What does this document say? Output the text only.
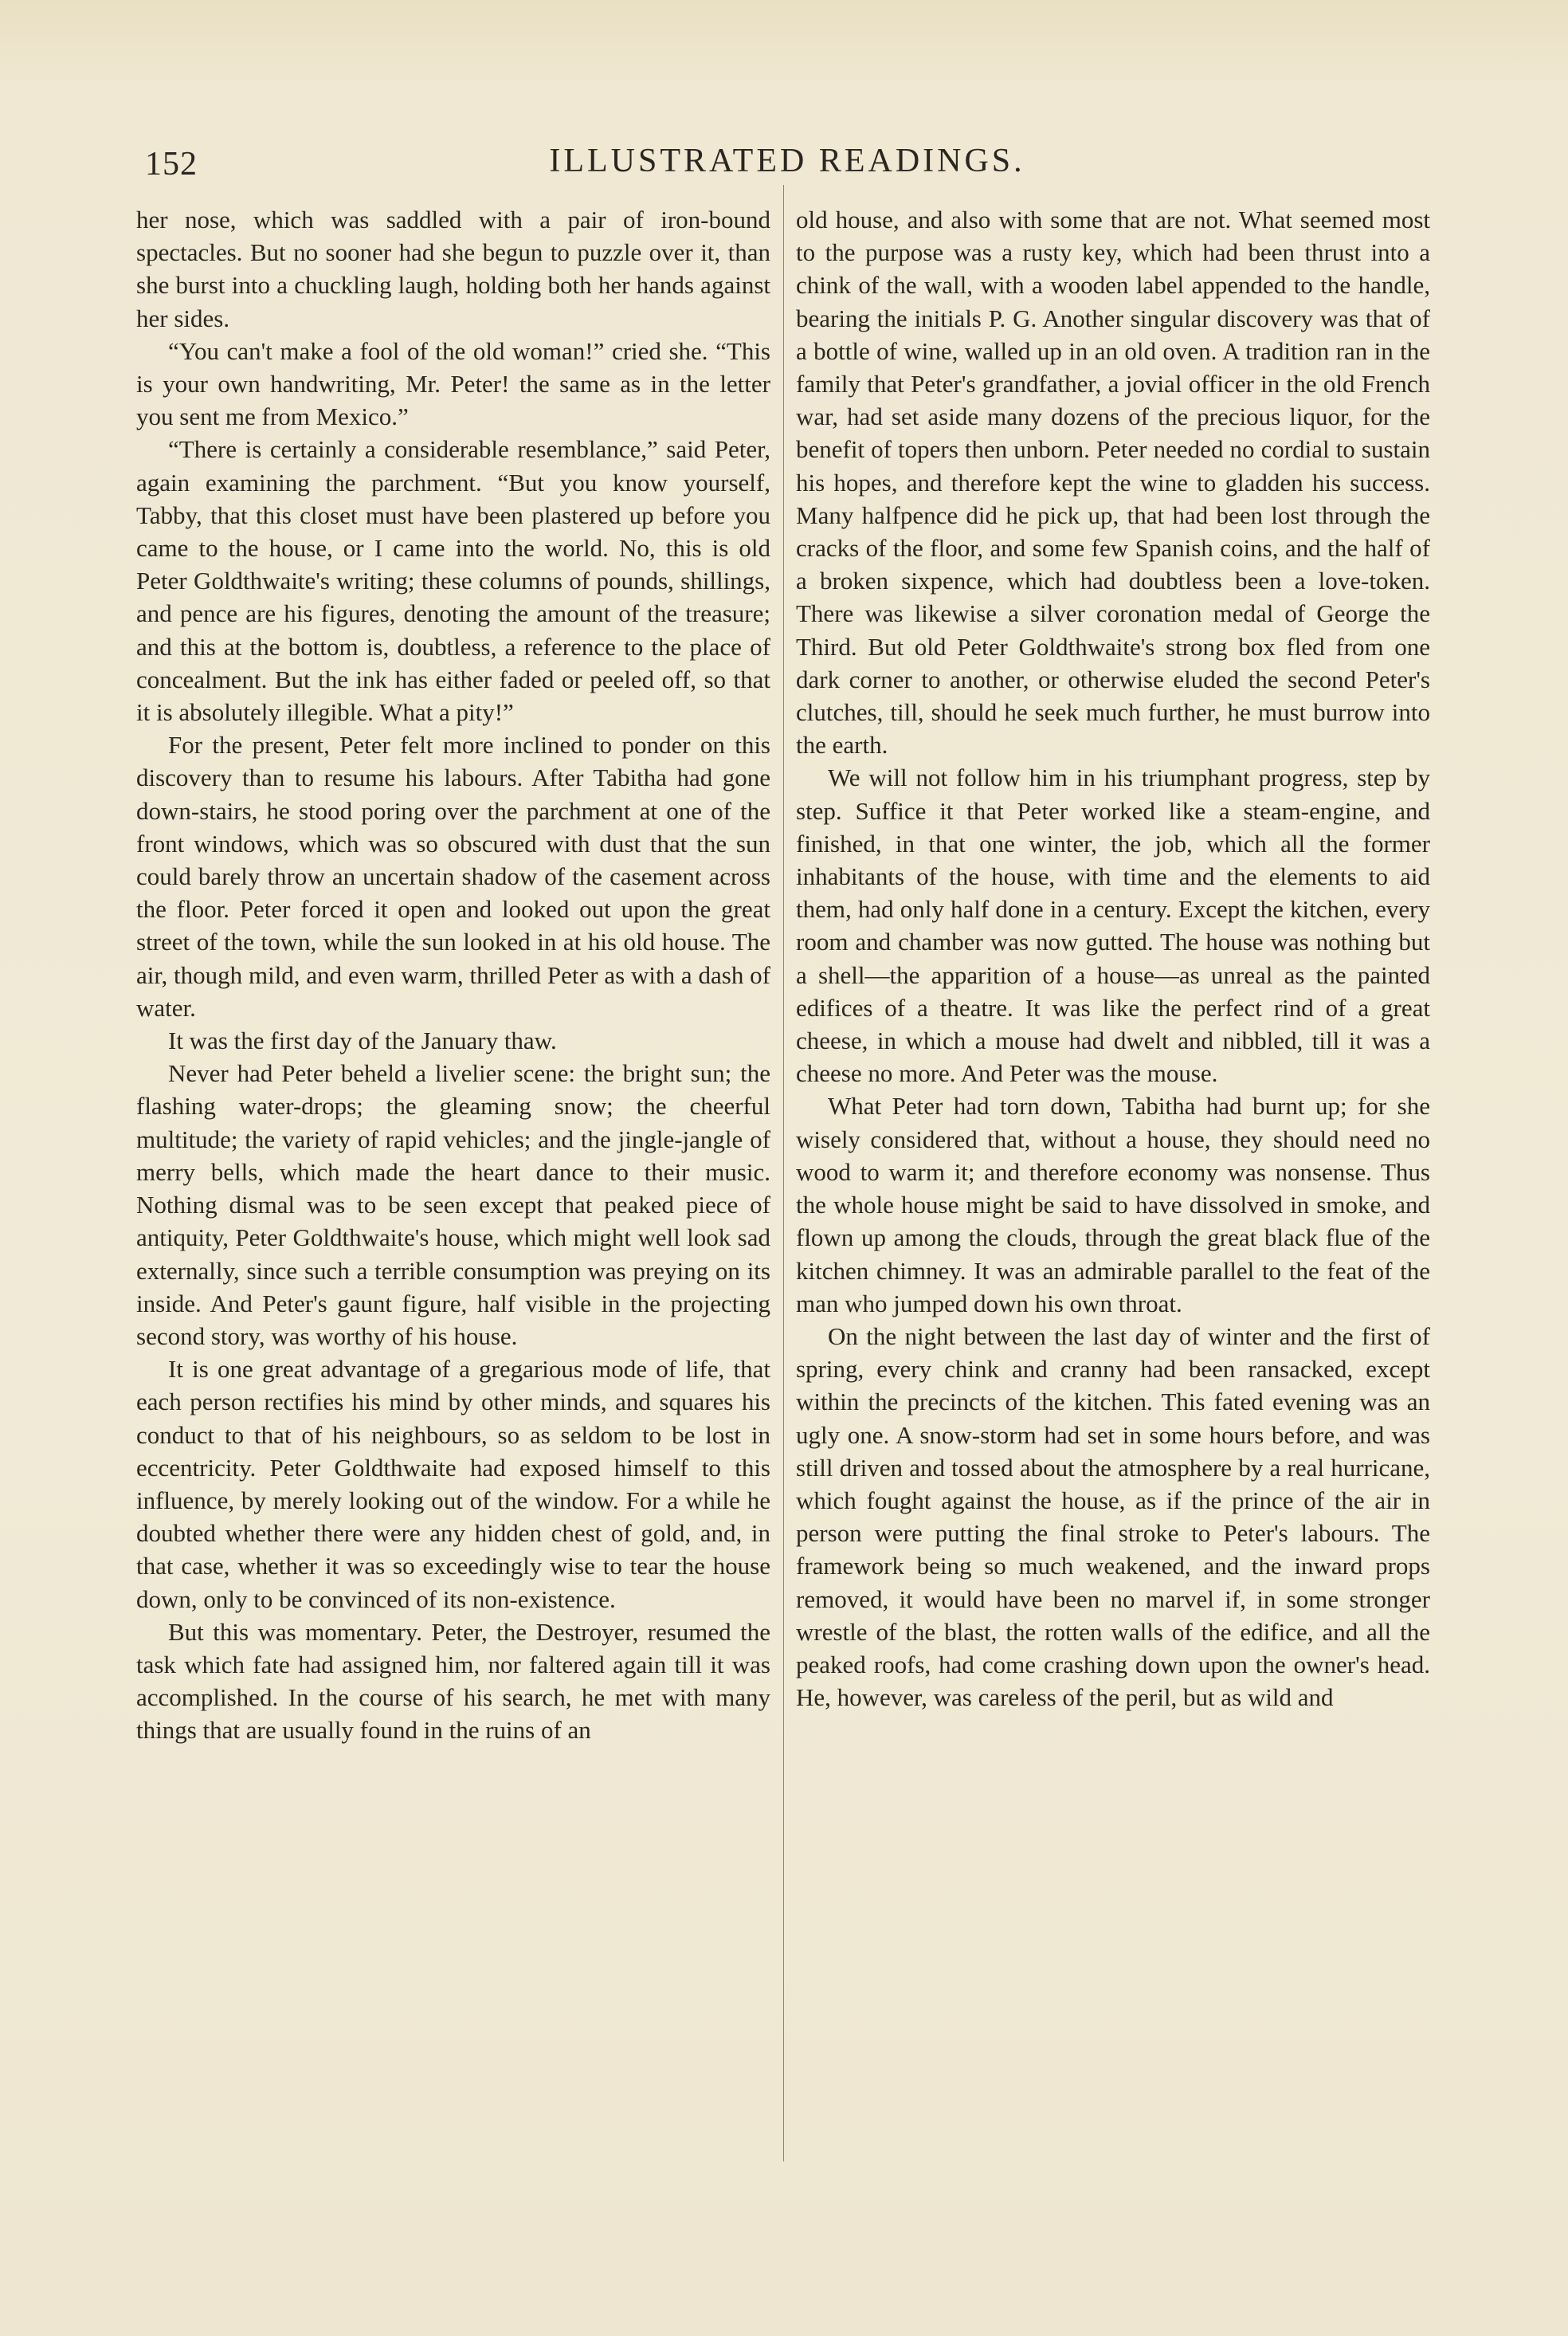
152	ILLUSTRATED READINGS.

her nose, which was saddled with a pair of iron-bound spectacles. But no sooner had she begun to puzzle over it, than she burst into a chuckling laugh, holding both her hands against her sides.

“You can't make a fool of the old woman!” cried she. “This is your own handwriting, Mr. Peter! the same as in the letter you sent me from Mexico.”

“There is certainly a considerable resemblance,” said Peter, again examining the parchment. “But you know yourself, Tabby, that this closet must have been plastered up before you came to the house, or I came into the world. No, this is old Peter Goldthwaite's writing; these columns of pounds, shillings, and pence are his figures, denoting the amount of the treasure; and this at the bottom is, doubtless, a reference to the place of concealment. But the ink has either faded or peeled off, so that it is absolutely illegible. What a pity!”

For the present, Peter felt more inclined to ponder on this discovery than to resume his labours. After Tabitha had gone down-stairs, he stood poring over the parchment at one of the front windows, which was so obscured with dust that the sun could barely throw an uncertain shadow of the casement across the floor. Peter forced it open and looked out upon the great street of the town, while the sun looked in at his old house. The air, though mild, and even warm, thrilled Peter as with a dash of water.

It was the first day of the January thaw.

Never had Peter beheld a livelier scene: the bright sun; the flashing water-drops; the gleaming snow; the cheerful multitude; the variety of rapid vehicles; and the jingle-jangle of merry bells, which made the heart dance to their music. Nothing dismal was to be seen except that peaked piece of antiquity, Peter Goldthwaite's house, which might well look sad externally, since such a terrible consumption was preying on its inside. And Peter's gaunt figure, half visible in the projecting second story, was worthy of his house.

It is one great advantage of a gregarious mode of life, that each person rectifies his mind by other minds, and squares his conduct to that of his neighbours, so as seldom to be lost in eccentricity. Peter Goldthwaite had exposed himself to this influence, by merely looking out of the window. For a while he doubted whether there were any hidden chest of gold, and, in that case, whether it was so exceedingly wise to tear the house down, only to be convinced of its non-existence.

But this was momentary. Peter, the Destroyer, resumed the task which fate had assigned him, nor faltered again till it was accomplished. In the course of his search, he met with many things that are usually found in the ruins of an

old house, and also with some that are not. What seemed most to the purpose was a rusty key, which had been thrust into a chink of the wall, with a wooden label appended to the handle, bearing the initials P. G. Another singular discovery was that of a bottle of wine, walled up in an old oven. A tradition ran in the family that Peter's grandfather, a jovial officer in the old French war, had set aside many dozens of the precious liquor, for the benefit of topers then unborn. Peter needed no cordial to sustain his hopes, and therefore kept the wine to gladden his success. Many halfpence did he pick up, that had been lost through the cracks of the floor, and some few Spanish coins, and the half of a broken sixpence, which had doubtless been a love-token. There was likewise a silver coronation medal of George the Third. But old Peter Goldthwaite's strong box fled from one dark corner to another, or otherwise eluded the second Peter's clutches, till, should he seek much further, he must burrow into the earth.

We will not follow him in his triumphant progress, step by step. Suffice it that Peter worked like a steam-engine, and finished, in that one winter, the job, which all the former inhabitants of the house, with time and the elements to aid them, had only half done in a century. Except the kitchen, every room and chamber was now gutted. The house was nothing but a shell—the apparition of a house—as unreal as the painted edifices of a theatre. It was like the perfect rind of a great cheese, in which a mouse had dwelt and nibbled, till it was a cheese no more. And Peter was the mouse.

What Peter had torn down, Tabitha had burnt up; for she wisely considered that, without a house, they should need no wood to warm it; and therefore economy was nonsense. Thus the whole house might be said to have dissolved in smoke, and flown up among the clouds, through the great black flue of the kitchen chimney. It was an admirable parallel to the feat of the man who jumped down his own throat.

On the night between the last day of winter and the first of spring, every chink and cranny had been ransacked, except within the precincts of the kitchen. This fated evening was an ugly one. A snow-storm had set in some hours before, and was still driven and tossed about the atmosphere by a real hurricane, which fought against the house, as if the prince of the air in person were putting the final stroke to Peter's labours. The framework being so much weakened, and the inward props removed, it would have been no marvel if, in some stronger wrestle of the blast, the rotten walls of the edifice, and all the peaked roofs, had come crashing down upon the owner's head. He, however, was careless of the peril, but as wild and
